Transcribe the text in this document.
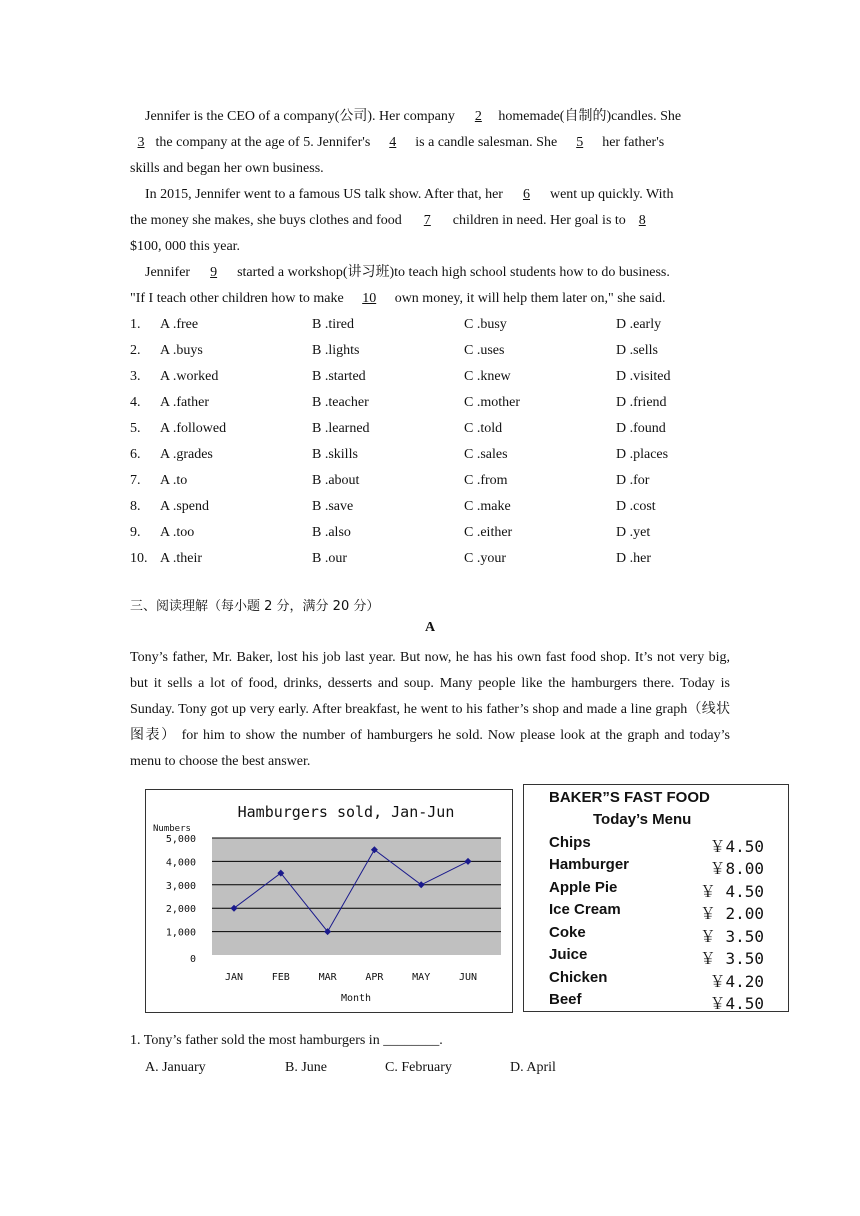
Jennifer is the CEO of a company(公司). Her company 2 homemade(自制的)candles. She
3 the company at the age of 5. Jennifer's 4 is a candle salesman. She 5 her father's
skills and began her own business.
In 2015, Jennifer went to a famous US talk show. After that, her 6 went up quickly. With
the money she makes, she buys clothes and food 7 children in need. Her goal is to 8
$100, 000 this year.
Jennifer 9 started a workshop(讲习班)to teach high school students how to do business.
"If I teach other children how to make 10 own money, it will help them later on," she said.
1. A .free	B .tired	C .busy	D .early
2. A .buys	B .lights	C .uses	D .sells
3. A .worked	B .started	C .knew	D .visited
4. A .father	B .teacher	C .mother	D .friend
5. A .followed	B .learned	C .told	D .found
6. A .grades	B .skills	C .sales	D .places
7. A .to	B .about	C .from	D .for
8. A .spend	B .save	C .make	D .cost
9. A .too	B .also	C .either	D .yet
10. A .their	B .our	C .your	D .her
三、阅读理解（每小题 2 分，满分 20 分）
A
Tony’s father, Mr. Baker, lost his job last year. But now, he has his own fast food shop. It’s not very big, but it sells a lot of food, drinks, desserts and soup. Many people like the hamburgers there. Today is Sunday. Tony got up very early. After breakfast, he went to his father’s shop and made a line graph（线状图表） for him to show the number of hamburgers he sold. Now please look at the graph and today’s menu to choose the best answer.
Hamburgers sold, Jan-Jun
Numbers
Month
0
1,000
2,000
3,000
4,000
5,000
JAN	FEB	MAR	APR	MAY	JUN
BAKER”S FAST FOOD
Today’s Menu
Chips	￥4.50
Hamburger	￥8.00
Apple Pie	￥ 4.50
Ice Cream	￥ 2.00
Coke	￥ 3.50
Juice	￥ 3.50
Chicken	￥4.20
Beef	￥4.50
1. Tony’s father sold the most hamburgers in ________.
A. January	B. June	C. February	D. April
